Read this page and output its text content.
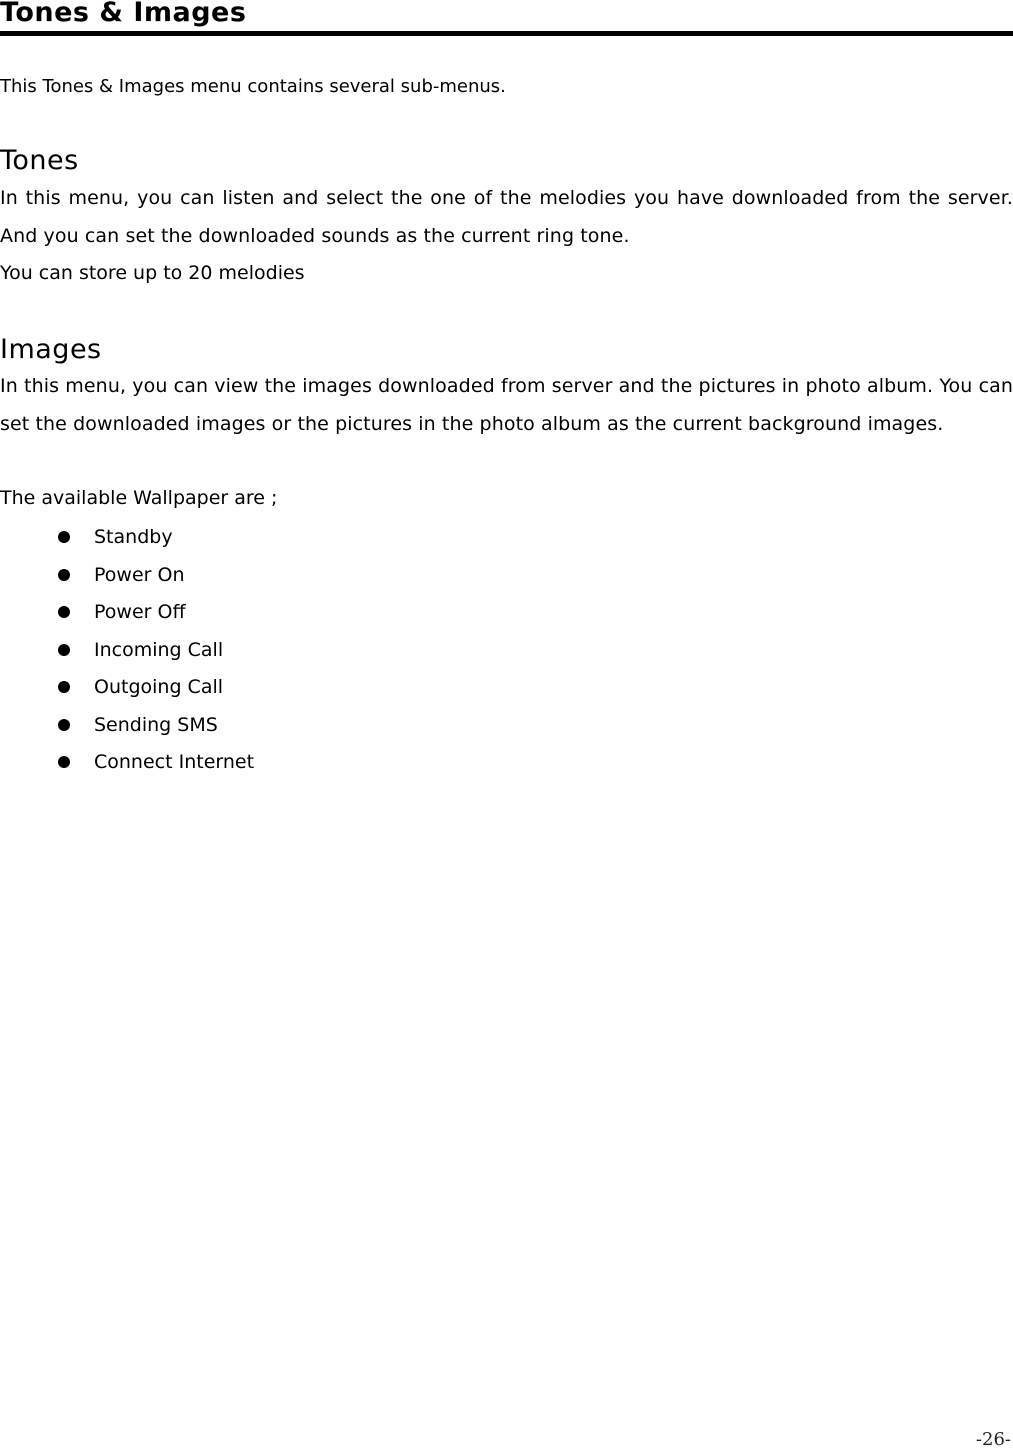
Tones & Images

This Tones & Images menu contains several sub-menus.

Tones

In this menu, you can listen and select the one of the melodies you have downloaded from the server. And you can set the downloaded sounds as the current ring tone.

You can store up to 20 melodies

Images

In this menu, you can view the images downloaded from server and the pictures in photo album. You can set the downloaded images or the pictures in the photo album as the current background images.

The available Wallpaper are ;

Standby
Power On
Power Off
Incoming Call
Outgoing Call
Sending SMS
Connect Internet

-26-
